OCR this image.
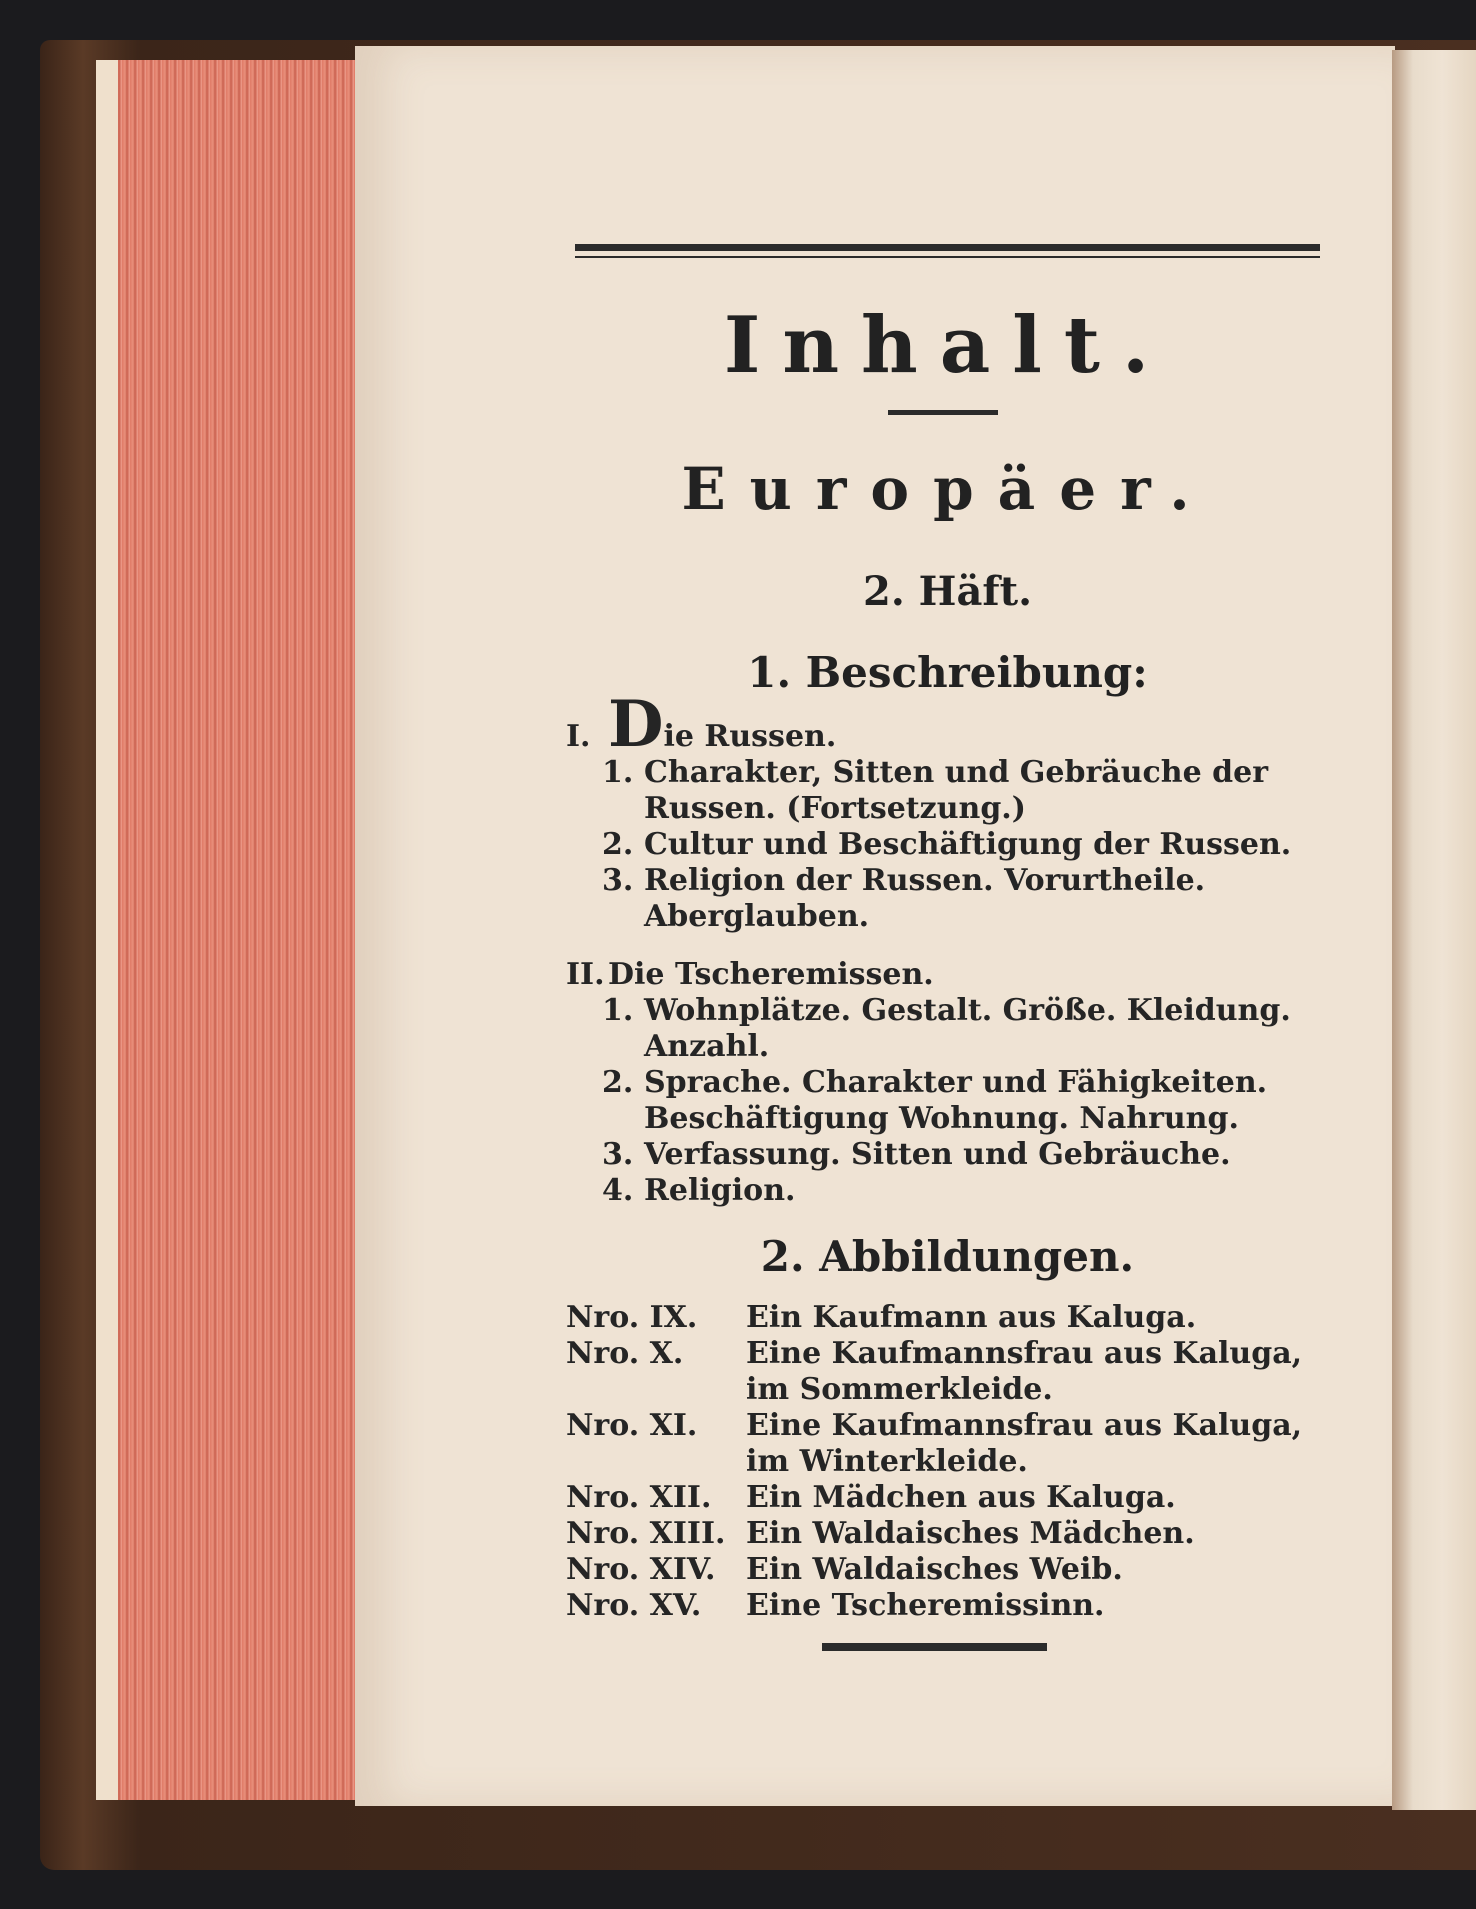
Inhalt.
Europäer.
2. Häft.
1. Beschreibung:
I. D ie Russen.
1. Charakter, Sitten und Gebräuche der Russen. (Fortsetzung.)
2. Cultur und Beschäftigung der Russen.
3. Religion der Russen. Vorurtheile. Aberglauben.
II. Die Tscheremissen.
1. Wohnplätze. Gestalt. Größe. Kleidung. Anzahl.
2. Sprache. Charakter und Fähigkeiten. Beschäftigung Wohnung. Nahrung.
3. Verfassung. Sitten und Gebräuche.
4. Religion.
2. Abbildungen.
Nro. IX.	Ein Kaufmann aus Kaluga.
Nro. X.	Eine Kaufmannsfrau aus Kaluga, im Sommerkleide.
Nro. XI.	Eine Kaufmannsfrau aus Kaluga, im Winterkleide.
Nro. XII.	Ein Mädchen aus Kaluga.
Nro. XIII. Ein Waldaisches Mädchen.
Nro. XIV.	Ein Waldaisches Weib.
Nro. XV.	Eine Tscheremissinn.
